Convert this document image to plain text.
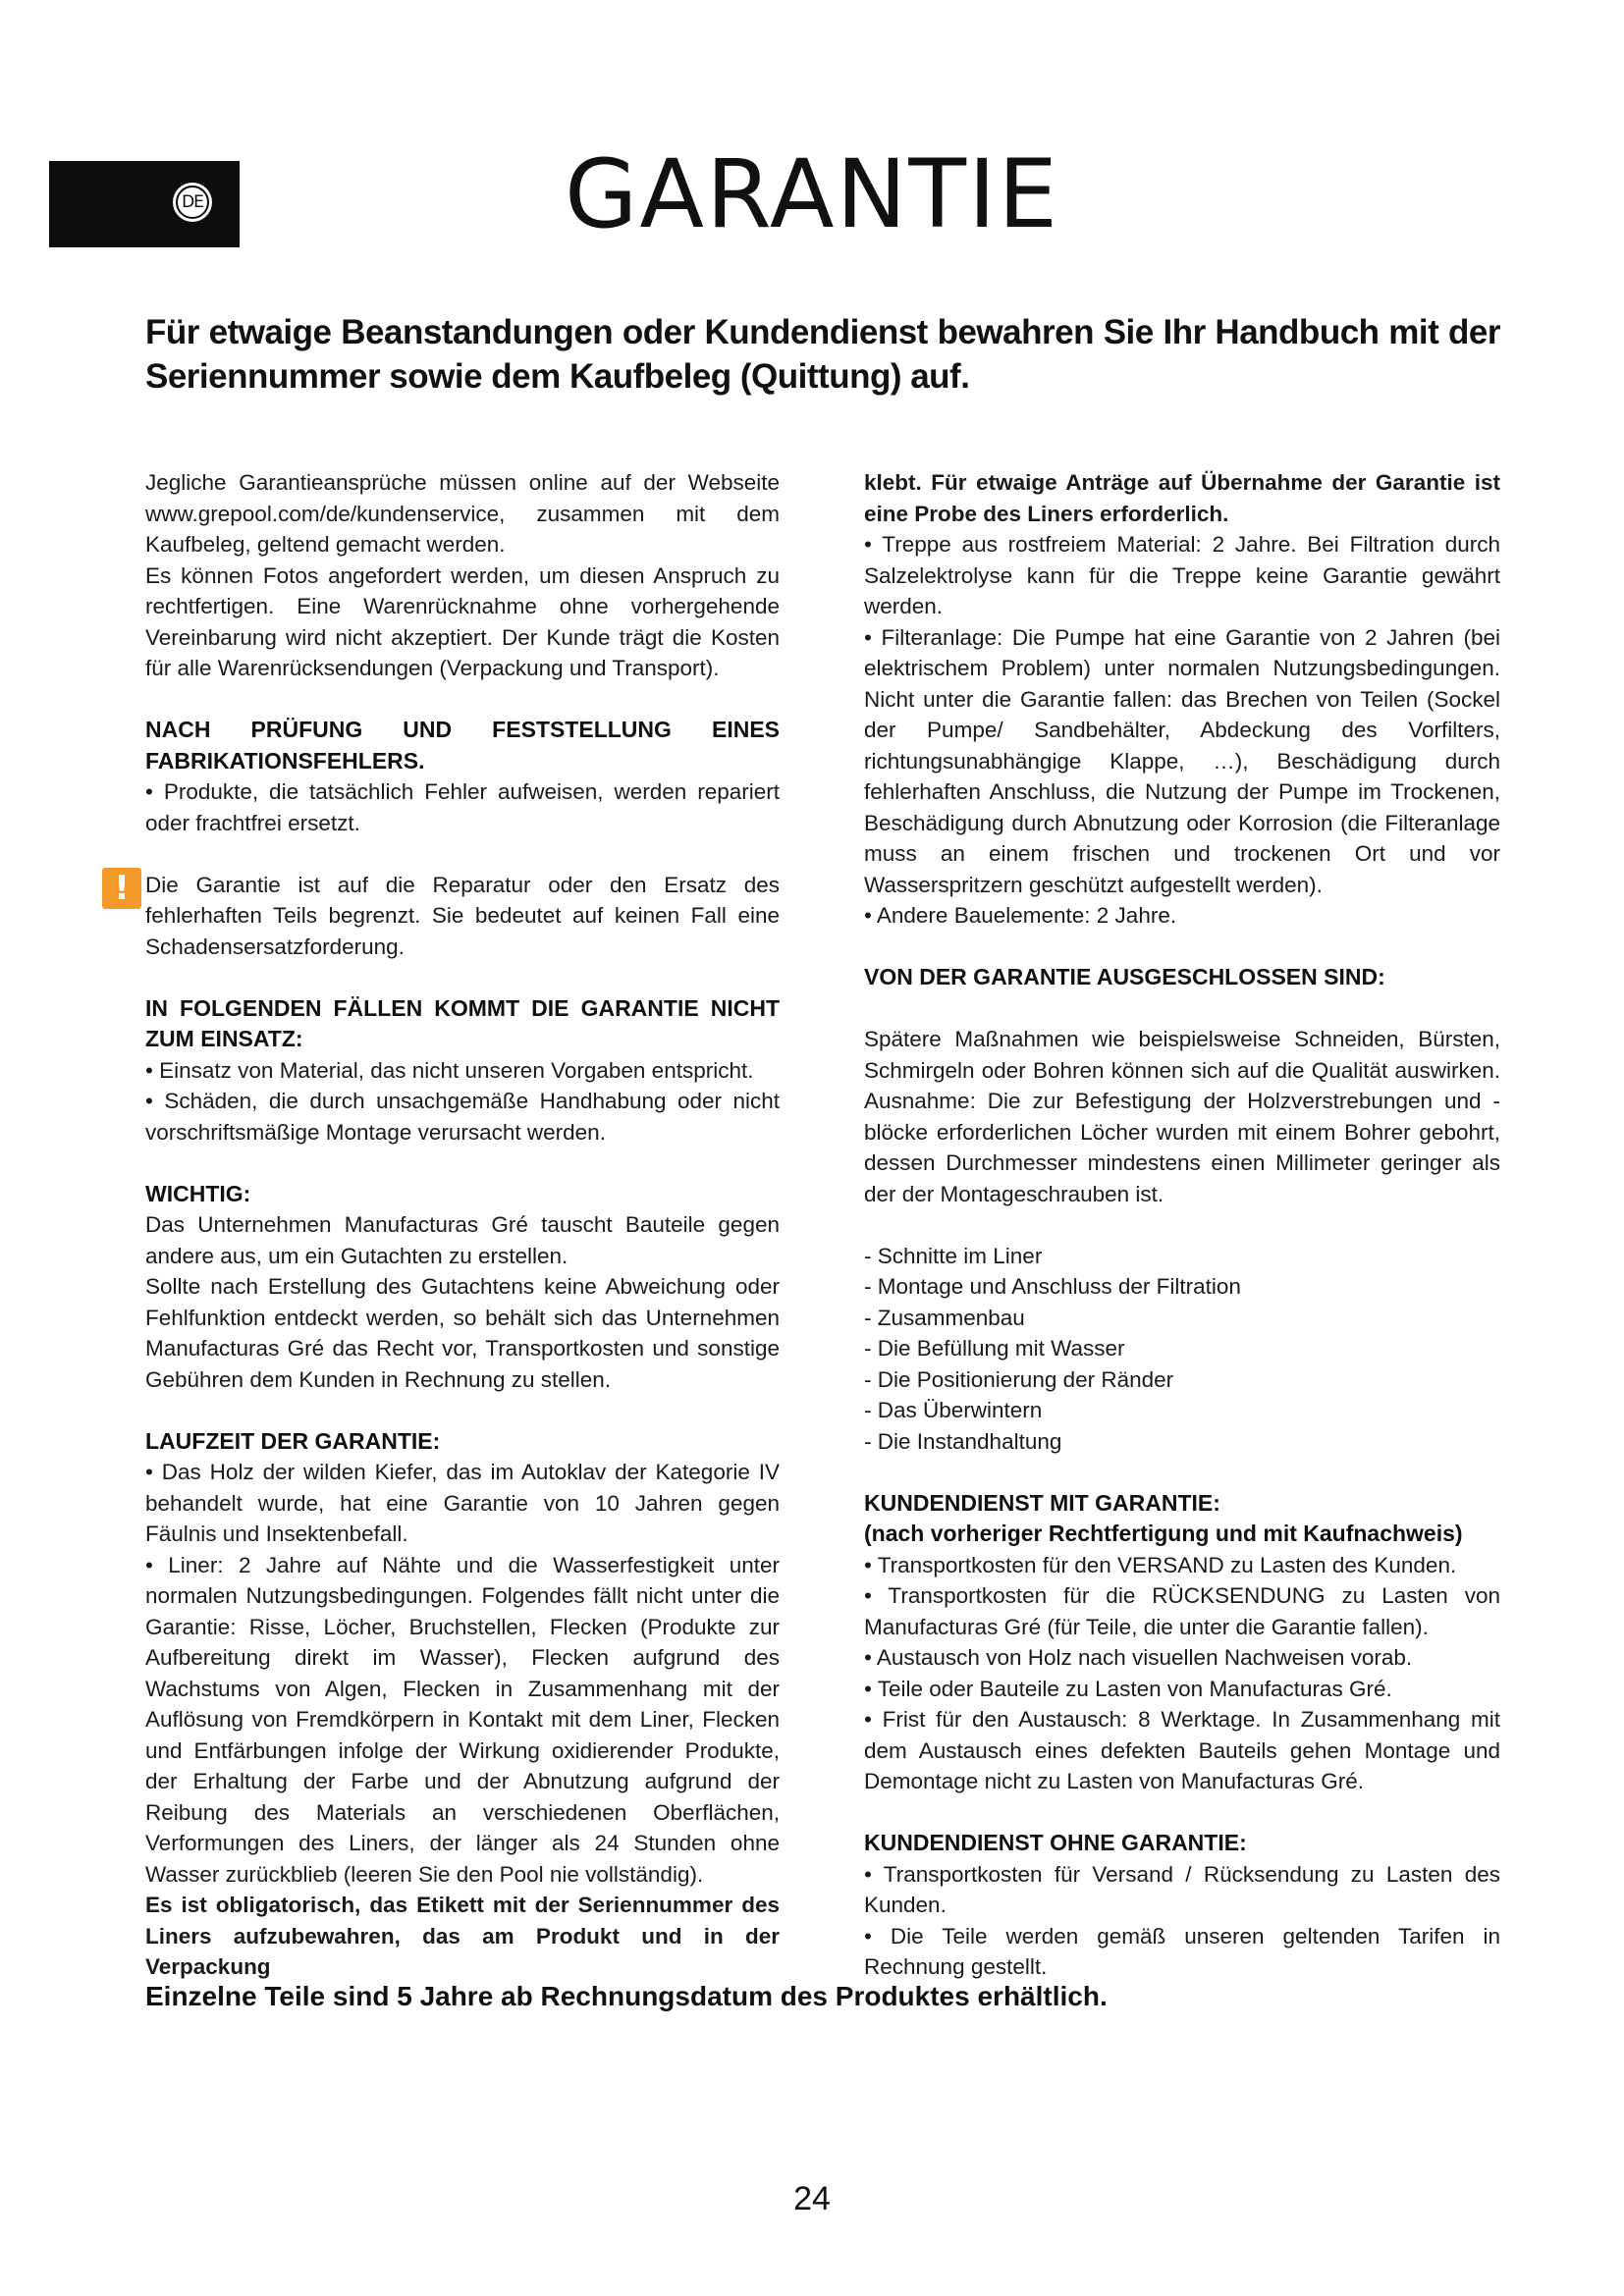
DE	GARANTIE

Für etwaige Beanstandungen oder Kundendienst bewahren Sie Ihr Handbuch mit der Seriennummer sowie dem Kaufbeleg (Quittung) auf.

Jegliche Garantieansprüche müssen online auf der Webseite www.grepool.com/de/kundenservice, zusammen mit dem Kaufbeleg, geltend gemacht werden.

Es können Fotos angefordert werden, um diesen Anspruch zu rechtfertigen. Eine Warenrücknahme ohne vorhergehende Vereinbarung wird nicht akzeptiert. Der Kunde trägt die Kosten für alle Warenrücksendungen (Verpackung und Transport).

NACH PRÜFUNG UND FESTSTELLUNG EINES FABRIKATIONSFEHLERS.

• Produkte, die tatsächlich Fehler aufweisen, werden repariert oder frachtfrei ersetzt.

! Die Garantie ist auf die Reparatur oder den Ersatz des fehlerhaften Teils begrenzt. Sie bedeutet auf keinen Fall eine Schadensersatzforderung.

IN FOLGENDEN FÄLLEN KOMMT DIE GARANTIE NICHT ZUM EINSATZ:

• Einsatz von Material, das nicht unseren Vorgaben entspricht.

• Schäden, die durch unsachgemäße Handhabung oder nicht vorschriftsmäßige Montage verursacht werden.

WICHTIG:

Das Unternehmen Manufacturas Gré tauscht Bauteile gegen andere aus, um ein Gutachten zu erstellen.

Sollte nach Erstellung des Gutachtens keine Abweichung oder Fehlfunktion entdeckt werden, so behält sich das Unternehmen Manufacturas Gré das Recht vor, Transportkosten und sonstige Gebühren dem Kunden in Rechnung zu stellen.

LAUFZEIT DER GARANTIE:

• Das Holz der wilden Kiefer, das im Autoklav der Kategorie IV behandelt wurde, hat eine Garantie von 10 Jahren gegen Fäulnis und Insektenbefall.

• Liner: 2 Jahre auf Nähte und die Wasserfestigkeit unter normalen Nutzungsbedingungen. Folgendes fällt nicht unter die Garantie: Risse, Löcher, Bruchstellen, Flecken (Produkte zur Aufbereitung direkt im Wasser), Flecken aufgrund des Wachstums von Algen, Flecken in Zusammenhang mit der Auflösung von Fremdkörpern in Kontakt mit dem Liner, Flecken und Entfärbungen infolge der Wirkung oxidierender Produkte, der Erhaltung der Farbe und der Abnutzung aufgrund der Reibung des Materials an verschiedenen Oberflächen, Verformungen des Liners, der länger als 24 Stunden ohne Wasser zurückblieb (leeren Sie den Pool nie vollständig).

Es ist obligatorisch, das Etikett mit der Seriennummer des Liners aufzubewahren, das am Produkt und in der Verpackung

klebt. Für etwaige Anträge auf Übernahme der Garantie ist eine Probe des Liners erforderlich.

• Treppe aus rostfreiem Material: 2 Jahre. Bei Filtration durch Salzelektrolyse kann für die Treppe keine Garantie gewährt werden.

• Filteranlage: Die Pumpe hat eine Garantie von 2 Jahren (bei elektrischem Problem) unter normalen Nutzungsbedingungen. Nicht unter die Garantie fallen: das Brechen von Teilen (Sockel der Pumpe/ Sandbehälter, Abdeckung des Vorfilters, richtungsunabhängige Klappe, …), Beschädigung durch fehlerhaften Anschluss, die Nutzung der Pumpe im Trockenen, Beschädigung durch Abnutzung oder Korrosion (die Filteranlage muss an einem frischen und trockenen Ort und vor Wasserspritzern geschützt aufgestellt werden).

• Andere Bauelemente: 2 Jahre.

VON DER GARANTIE AUSGESCHLOSSEN SIND:

Spätere Maßnahmen wie beispielsweise Schneiden, Bürsten, Schmirgeln oder Bohren können sich auf die Qualität auswirken. Ausnahme: Die zur Befestigung der Holzverstrebungen und -blöcke erforderlichen Löcher wurden mit einem Bohrer gebohrt, dessen Durchmesser mindestens einen Millimeter geringer als der der Montageschrauben ist.

- Schnitte im Liner

- Montage und Anschluss der Filtration

- Zusammenbau

- Die Befüllung mit Wasser

- Die Positionierung der Ränder

- Das Überwintern

- Die Instandhaltung

KUNDENDIENST MIT GARANTIE:
(nach vorheriger Rechtfertigung und mit Kaufnachweis)

• Transportkosten für den VERSAND zu Lasten des Kunden.

• Transportkosten für die RÜCKSENDUNG zu Lasten von Manufacturas Gré (für Teile, die unter die Garantie fallen).

• Austausch von Holz nach visuellen Nachweisen vorab.

• Teile oder Bauteile zu Lasten von Manufacturas Gré.

• Frist für den Austausch: 8 Werktage. In Zusammenhang mit dem Austausch eines defekten Bauteils gehen Montage und Demontage nicht zu Lasten von Manufacturas Gré.

KUNDENDIENST OHNE GARANTIE:

• Transportkosten für Versand / Rücksendung zu Lasten des Kunden.

• Die Teile werden gemäß unseren geltenden Tarifen in Rechnung gestellt.

Einzelne Teile sind 5 Jahre ab Rechnungsdatum des Produktes erhältlich.

24
